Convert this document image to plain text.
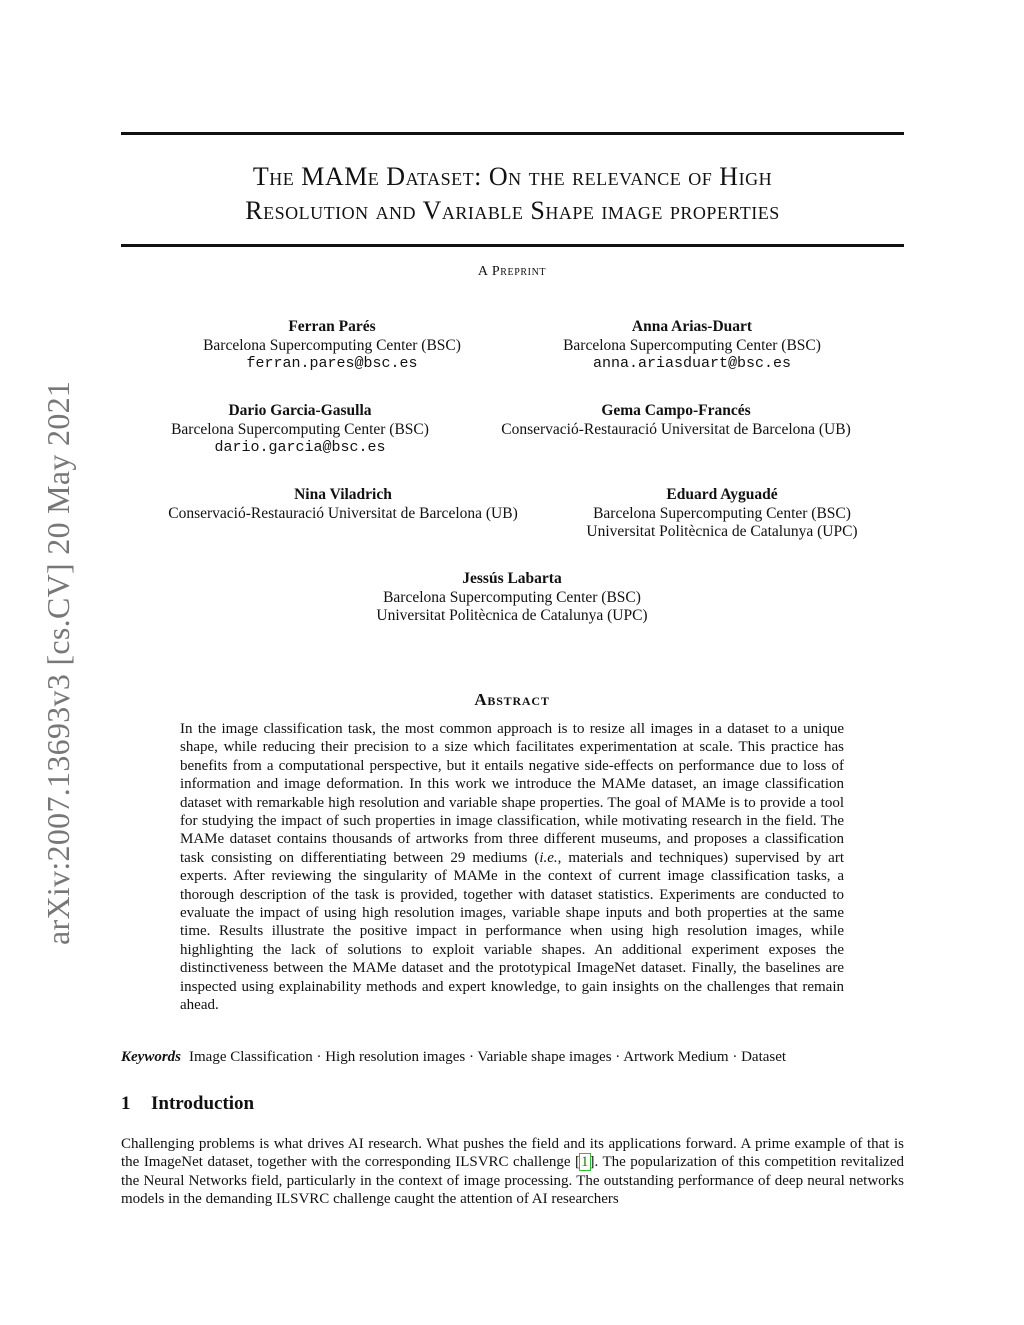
arXiv:2007.13693v3 [cs.CV] 20 May 2021
The MAMe Dataset: On the relevance of High
Resolution and Variable Shape image properties
A Preprint
Ferran Parés
Barcelona Supercomputing Center (BSC)
ferran.pares@bsc.es
Anna Arias-Duart
Barcelona Supercomputing Center (BSC)
anna.ariasduart@bsc.es
Dario Garcia-Gasulla
Barcelona Supercomputing Center (BSC)
dario.garcia@bsc.es
Gema Campo-Francés
Conservació-Restauració Universitat de Barcelona (UB)
Nina Viladrich
Conservació-Restauració Universitat de Barcelona (UB)
Eduard Ayguadé
Barcelona Supercomputing Center (BSC)
Universitat Politècnica de Catalunya (UPC)
Jessús Labarta
Barcelona Supercomputing Center (BSC)
Universitat Politècnica de Catalunya (UPC)
Abstract
In the image classification task, the most common approach is to resize all images in a dataset to a unique shape, while reducing their precision to a size which facilitates experimentation at scale. This practice has benefits from a computational perspective, but it entails negative side-effects on performance due to loss of information and image deformation. In this work we introduce the MAMe dataset, an image classification dataset with remarkable high resolution and variable shape properties. The goal of MAMe is to provide a tool for studying the impact of such properties in image classification, while motivating research in the field. The MAMe dataset contains thousands of artworks from three different museums, and proposes a classification task consisting on differentiating between 29 mediums (i.e., materials and techniques) supervised by art experts. After reviewing the singularity of MAMe in the context of current image classification tasks, a thorough description of the task is provided, together with dataset statistics. Experiments are conducted to evaluate the impact of using high resolution images, variable shape inputs and both properties at the same time. Results illustrate the positive impact in performance when using high resolution images, while highlighting the lack of solutions to exploit variable shapes. An additional experiment exposes the distinctiveness between the MAMe dataset and the prototypical ImageNet dataset. Finally, the baselines are inspected using explainability methods and expert knowledge, to gain insights on the challenges that remain ahead.
Keywords Image Classification · High resolution images · Variable shape images · Artwork Medium · Dataset
1 Introduction
Challenging problems is what drives AI research. What pushes the field and its applications forward. A prime example of that is the ImageNet dataset, together with the corresponding ILSVRC challenge [1]. The popularization of this competition revitalized the Neural Networks field, particularly in the context of image processing. The outstanding performance of deep neural networks models in the demanding ILSVRC challenge caught the attention of AI researchers
